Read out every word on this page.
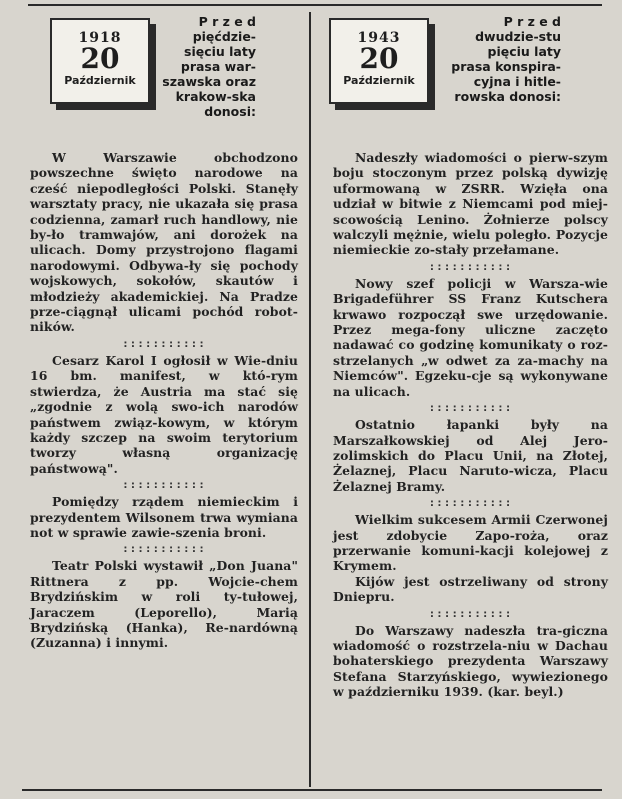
1918
20
Październik
P r z e d pięćdzie-sięciu laty prasa war-szawska oraz krakow-ska donosi:

W Warszawie obchodzono powszechne święto narodowe na cześć niepodległości Polski. Stanęły warsztaty pracy, nie ukazała się prasa codzienna, zamarł ruch handlowy, nie by-ło tramwajów, ani dorożek na ulicach. Domy przystrojono flagami narodowymi. Odbywa-ły się pochody wojskowych, sokołów, skautów i młodzieży akademickiej. Na Pradze prze-ciągnął ulicami pochód robot-ników.

:::::::::::

Cesarz Karol I ogłosił w Wie-dniu 16 bm. manifest, w któ-rym stwierdza, że Austria ma stać się „zgodnie z wolą swo-ich narodów państwem związ-kowym, w którym każdy szczep na swoim terytorium tworzy własną organizację państwową".

:::::::::::

Pomiędzy rządem niemieckim i prezydentem Wilsonem trwa wymiana not w sprawie zawie-szenia broni.

:::::::::::

Teatr Polski wystawił „Don Juana" Rittnera z pp. Wojcie-chem Brydzińskim w roli ty-tułowej, Jaraczem (Leporello), Marią Brydzińską (Hanka), Re-nardówną (Zuzanna) i innymi.

1943
20
Październik
P r z e d dwudzie-stu pięciu laty prasa konspira-cyjna i hitle-rowska donosi:

Nadeszły wiadomości o pierw-szym boju stoczonym przez polską dywizję uformowaną w ZSRR. Wzięła ona udział w bitwie z Niemcami pod miej-scowością Lenino. Żołnierze polscy walczyli mężnie, wielu poległo. Pozycje niemieckie zo-stały przełamane.

:::::::::::

Nowy szef policji w Warsza-wie Brigadeführer SS Franz Kutschera krwawo rozpoczął swe urzędowanie. Przez mega-fony uliczne zaczęto nadawać co godzinę komunikaty o roz-strzelanych „w odwet za za-machy na Niemców". Egzeku-cje są wykonywane na ulicach.

:::::::::::

Ostatnio łapanki były na Marszałkowskiej od Alej Jero-zolimskich do Placu Unii, na Złotej, Żelaznej, Placu Naruto-wicza, Placu Żelaznej Bramy.

:::::::::::

Wielkim sukcesem Armii Czerwonej jest zdobycie Zapo-roża, oraz przerwanie komuni-kacji kolejowej z Krymem.

Kijów jest ostrzeliwany od strony Dniepru.

:::::::::::

Do Warszawy nadeszła tra-giczna wiadomość o rozstrzela-niu w Dachau bohaterskiego prezydenta Warszawy Stefana Starzyńskiego, wywiezionego w październiku 1939. (kar. beyl.)
